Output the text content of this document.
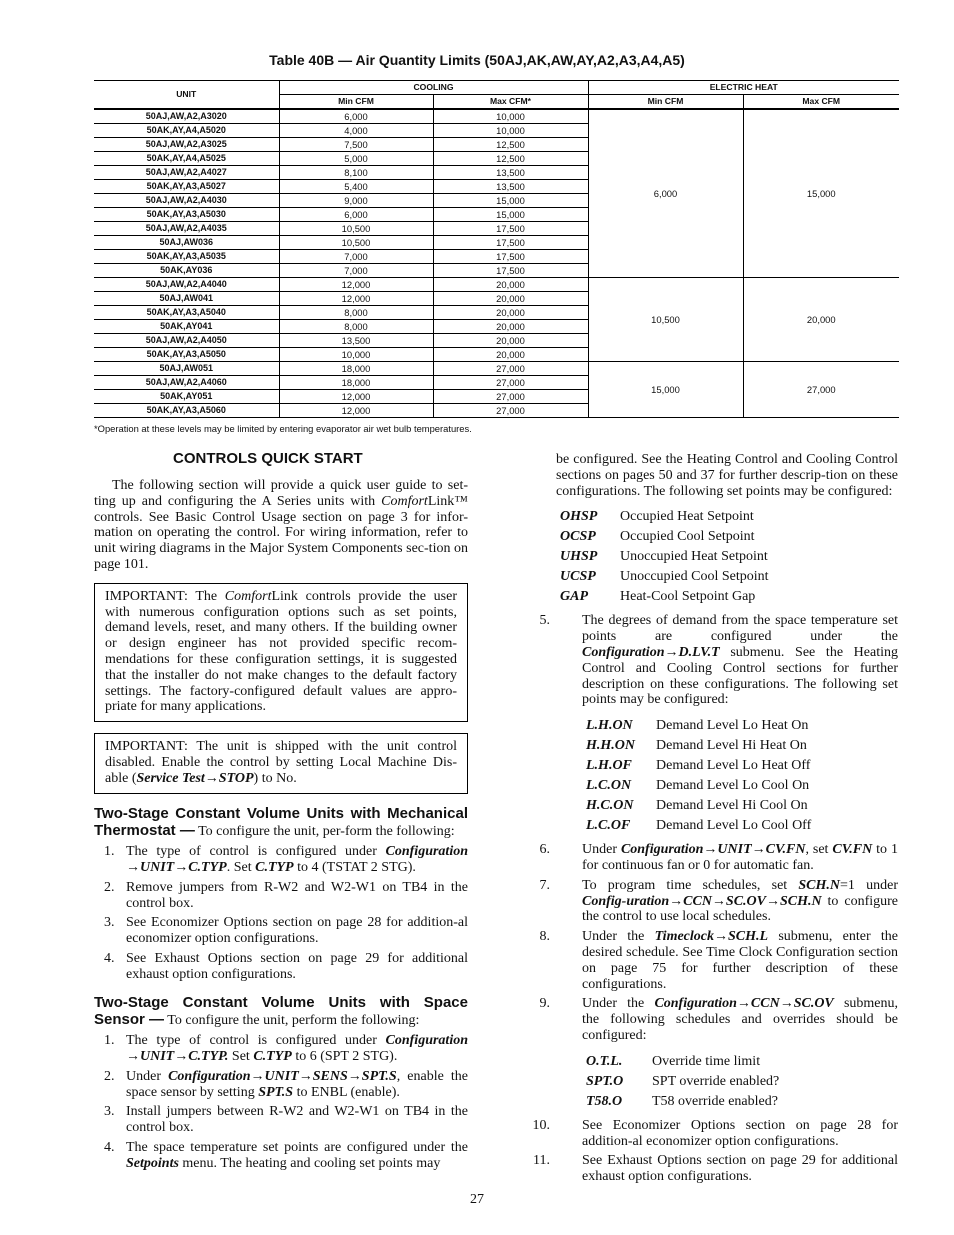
Table 40B — Air Quantity Limits (50AJ,AK,AW,AY,A2,A3,A4,A5)
UNIT	COOLING		ELECTRIC HEAT	
	Min CFM	Max CFM*	Min CFM	Max CFM
50AJ,AW,A2,A3020	6,000	10,000	6,000	15,000
50AK,AY,A4,A5020	4,000	10,000		
50AJ,AW,A2,A3025	7,500	12,500		
50AK,AY,A4,A5025	5,000	12,500		
50AJ,AW,A2,A4027	8,100	13,500		
50AK,AY,A3,A5027	5,400	13,500		
50AJ,AW,A2,A4030	9,000	15,000		
50AK,AY,A3,A5030	6,000	15,000		
50AJ,AW,A2,A4035	10,500	17,500		
50AJ,AW036	10,500	17,500		
50AK,AY,A3,A5035	7,000	17,500		
50AK,AY036	7,000	17,500		
50AJ,AW,A2,A4040	12,000	20,000	10,500	20,000
50AJ,AW041	12,000	20,000		
50AK,AY,A3,A5040	8,000	20,000		
50AK,AY041	8,000	20,000		
50AJ,AW,A2,A4050	13,500	20,000		
50AK,AY,A3,A5050	10,000	20,000		
50AJ,AW051	18,000	27,000	15,000	27,000
50AJ,AW,A2,A4060	18,000	27,000		
50AK,AY051	12,000	27,000		
50AK,AY,A3,A5060	12,000	27,000		
*Operation at these levels may be limited by entering evaporator air wet bulb temperatures.
CONTROLS QUICK START

The following section will provide a quick user guide to set-ting up and configuring the A Series units with ComfortLink™ controls. See Basic Control Usage section on page 3 for infor-mation on operating the control. For wiring information, refer to unit wiring diagrams in the Major System Components sec-tion on page 101.

IMPORTANT: The ComfortLink controls provide the user with numerous configuration options such as set points, demand levels, reset, and many others. If the building owner or design engineer has not provided specific recom-mendations for these configuration settings, it is suggested that the installer do not make changes to the default factory settings. The factory-configured default values are appro-priate for many applications.
IMPORTANT: The unit is shipped with the unit control disabled. Enable the control by setting Local Machine Dis-able (Service Test→STOP) to No.
Two-Stage Constant Volume Units with Mechanical Thermostat — To configure the unit, per-form the following:
1. The type of control is configured under Configuration →UNIT→C.TYP. Set C.TYP to 4 (TSTAT 2 STG).
2. Remove jumpers from R-W2 and W2-W1 on TB4 in the control box.
3. See Economizer Options section on page 28 for addition-al economizer option configurations.
4. See Exhaust Options section on page 29 for additional exhaust option configurations.
Two-Stage Constant Volume Units with Space Sensor — To configure the unit, perform the following:
1. The type of control is configured under Configuration →UNIT→C.TYP. Set C.TYP to 6 (SPT 2 STG).
2. Under Configuration→UNIT→SENS→SPT.S, enable the space sensor by setting SPT.S to ENBL (enable).
3. Install jumpers between R-W2 and W2-W1 on TB4 in the control box.
4. The space temperature set points are configured under the Setpoints menu. The heating and cooling set points may

be configured. See the Heating Control and Cooling Control sections on pages 50 and 37 for further descrip-tion on these configurations. The following set points may be configured:

OHSP	Occupied Heat Setpoint
OCSP	Occupied Cool Setpoint
UHSP	Unoccupied Heat Setpoint
UCSP	Unoccupied Cool Setpoint
GAP	Heat-Cool Setpoint Gap
5. The degrees of demand from the space temperature set points are configured under the Configuration→D.LV.T submenu. See the Heating Control and Cooling Control sections for further description on these configurations. The following set points may be configured:
L.H.ON	Demand Level Lo Heat On
H.H.ON	Demand Level Hi Heat On
L.H.OF	Demand Level Lo Heat Off
L.C.ON	Demand Level Lo Cool On
H.C.ON	Demand Level Hi Cool On
L.C.OF	Demand Level Lo Cool Off
6. Under Configuration→UNIT→CV.FN, set CV.FN to 1 for continuous fan or 0 for automatic fan.
7. To program time schedules, set SCH.N=1 under Config-uration→CCN→SC.OV→SCH.N to configure the control to use local schedules.
8. Under the Timeclock→SCH.L submenu, enter the desired schedule. See Time Clock Configuration section on page 75 for further description of these configurations.
9. Under the Configuration→CCN→SC.OV submenu, the following schedules and overrides should be configured:
O.T.L.	Override time limit
SPT.O	SPT override enabled?
T58.O	T58 override enabled?
10. See Economizer Options section on page 28 for addition-al economizer option configurations.
11. See Exhaust Options section on page 29 for additional exhaust option configurations.
27
